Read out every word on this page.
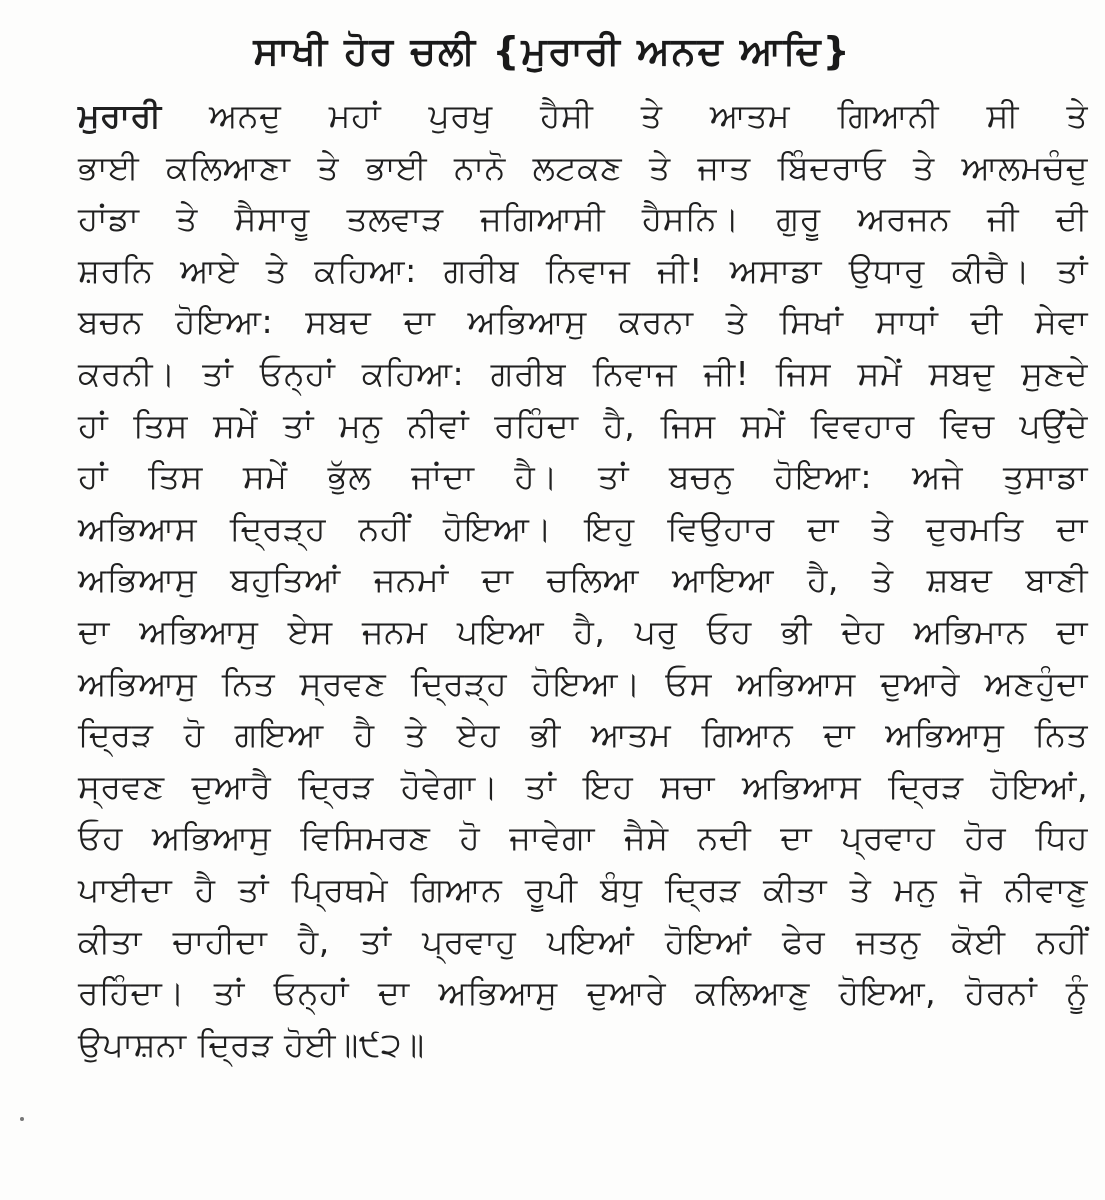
ਸਾਖੀ ਹੋਰ ਚਲੀ {ਮੁਰਾਰੀ ਅਨਦ ਆਦਿ}
ਮੁਰਾਰੀ ਅਨਦੁ ਮਹਾਂ ਪੁਰਖੁ ਹੈਸੀ ਤੇ ਆਤਮ ਗਿਆਨੀ ਸੀ ਤੇ
ਭਾਈ ਕਲਿਆਣਾ ਤੇ ਭਾਈ ਨਾਨੋ ਲਟਕਣ ਤੇ ਜਾਤ ਬਿੰਦਰਾਓ ਤੇ ਆਲਮਚੰਦੁ
ਹਾਂਡਾ ਤੇ ਸੈਸਾਰੂ ਤਲਵਾੜ ਜਗਿਆਸੀ ਹੈਸਨਿ। ਗੁਰੂ ਅਰਜਨ ਜੀ ਦੀ
ਸ਼ਰਨਿ ਆਏ ਤੇ ਕਹਿਆ: ਗਰੀਬ ਨਿਵਾਜ ਜੀ! ਅਸਾਡਾ ਉਧਾਰੁ ਕੀਚੈ। ਤਾਂ
ਬਚਨ ਹੋਇਆ: ਸਬਦ ਦਾ ਅਭਿਆਸੁ ਕਰਨਾ ਤੇ ਸਿਖਾਂ ਸਾਧਾਂ ਦੀ ਸੇਵਾ
ਕਰਨੀ। ਤਾਂ ਓਨ੍ਹਾਂ ਕਹਿਆ: ਗਰੀਬ ਨਿਵਾਜ ਜੀ! ਜਿਸ ਸਮੇਂ ਸਬਦੁ ਸੁਣਦੇ
ਹਾਂ ਤਿਸ ਸਮੇਂ ਤਾਂ ਮਨੁ ਨੀਵਾਂ ਰਹਿੰਦਾ ਹੈ, ਜਿਸ ਸਮੇਂ ਵਿਵਹਾਰ ਵਿਚ ਪਉਂਦੇ
ਹਾਂ ਤਿਸ ਸਮੇਂ ਭੁੱਲ ਜਾਂਦਾ ਹੈ। ਤਾਂ ਬਚਨੁ ਹੋਇਆ: ਅਜੇ ਤੁਸਾਡਾ
ਅਭਿਆਸ ਦ੍ਰਿੜ੍ਹ ਨਹੀਂ ਹੋਇਆ। ਇਹੁ ਵਿਉਹਾਰ ਦਾ ਤੇ ਦੁਰਮਤਿ ਦਾ
ਅਭਿਆਸੁ ਬਹੁਤਿਆਂ ਜਨਮਾਂ ਦਾ ਚਲਿਆ ਆਇਆ ਹੈ, ਤੇ ਸ਼ਬਦ ਬਾਣੀ
ਦਾ ਅਭਿਆਸੁ ਏਸ ਜਨਮ ਪਇਆ ਹੈ, ਪਰੁ ਓਹ ਭੀ ਦੇਹ ਅਭਿਮਾਨ ਦਾ
ਅਭਿਆਸੁ ਨਿਤ ਸ੍ਰਵਣ ਦ੍ਰਿੜ੍ਹ ਹੋਇਆ। ਓਸ ਅਭਿਆਸ ਦੁਆਰੇ ਅਣਹੁੰਦਾ
ਦ੍ਰਿੜ ਹੋ ਗਇਆ ਹੈ ਤੇ ਏਹ ਭੀ ਆਤਮ ਗਿਆਨ ਦਾ ਅਭਿਆਸੁ ਨਿਤ
ਸ੍ਰਵਣ ਦੁਆਰੈ ਦ੍ਰਿੜ ਹੋਵੇਗਾ। ਤਾਂ ਇਹ ਸਚਾ ਅਭਿਆਸ ਦ੍ਰਿੜ ਹੋਇਆਂ,
ਓਹ ਅਭਿਆਸੁ ਵਿਸਿਮਰਣ ਹੋ ਜਾਵੇਗਾ ਜੈਸੇ ਨਦੀ ਦਾ ਪ੍ਰਵਾਹ ਹੋਰ ਧਿਹ
ਪਾਈਦਾ ਹੈ ਤਾਂ ਪ੍ਰਿਥਮੇ ਗਿਆਨ ਰੂਪੀ ਬੰਧੁ ਦ੍ਰਿੜ ਕੀਤਾ ਤੇ ਮਨੁ ਜੋ ਨੀਵਾਣੁ
ਕੀਤਾ ਚਾਹੀਦਾ ਹੈ, ਤਾਂ ਪ੍ਰਵਾਹੁ ਪਇਆਂ ਹੋਇਆਂ ਫੇਰ ਜਤਨੁ ਕੋਈ ਨਹੀਂ
ਰਹਿੰਦਾ। ਤਾਂ ਓਨ੍ਹਾਂ ਦਾ ਅਭਿਆਸੁ ਦੁਆਰੇ ਕਲਿਆਣੁ ਹੋਇਆ, ਹੋਰਨਾਂ ਨੂੰ
ਉਪਾਸ਼ਨਾ ਦ੍ਰਿੜ ਹੋਈ॥੯੨॥
